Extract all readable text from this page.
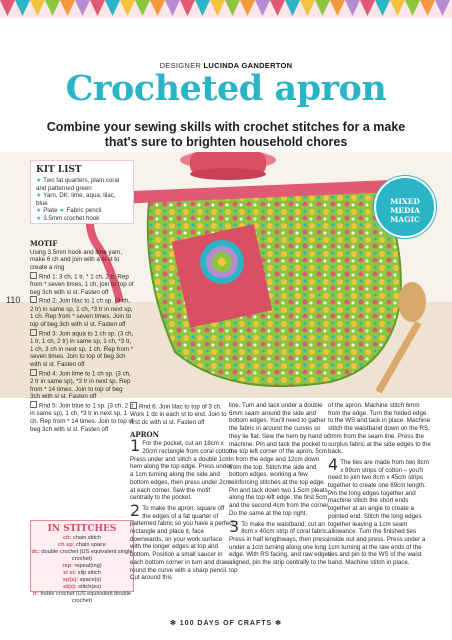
DESIGNER LUCINDA GANDERTON
Crocheted apron
Combine your sewing skills with crochet stitches for a make that's sure to brighten household chores
KIT LIST
★ Two fat quarters, plain coral and patterned green
★ Yarn, DK: lime, aqua, lilac, blue
★ Plate ★ Fabric pencil
★ 3.5mm crochet hook
MIXED MEDIA
MAGIC
110
MOTIF

Using 3.5mm hook and lime yarn, make 6 ch and join with a sl st to create a ring

Rnd 1: 3 ch, 1 tr, * 1 ch, 2 tr. Rep from * seven times, 1 ch, join to top of beg 3ch with sl st. Fasten off

Rnd 2: Join lilac to 1 ch sp. (3 ch, 2 tr) in same sp, 1 ch, *3 tr in next sp, 1 ch. Rep from * seven times. Join to top of beg 3ch with sl st. Fasten off

Rnd 3: Join aqua to 1 ch sp. (3 ch, 1 tr, 1 ch, 2 tr) in same sp, 1 ch, *3 tr, 1 ch, 3 ch in next sp, 1 ch. Rep from * seven times. Join to top of beg 3ch with sl st. Fasten off

Rnd 4: Join lime to 1 ch sp. (3 ch, 2 tr in same sp), *3 tr in next sp. Rep from * 14 times. Join to top of beg 3ch with sl st. Fasten off

Rnd 5: Join blue to 1 sp. (3 ch, 2 tr in same sp), 1 ch, *3 tr in next sp, 1 ch. Rep from * 14 times. Join to top of beg 3ch with sl st. Fasten off

IN STITCHES
ch: chain stitch
ch sp: chain space
dc: double crochet (US equivalent single crochet)
rep: repeat(ing)
sl st: slip stitch
sp(s): space(s)
st(s): stitch(es)
tr: treble crochet (US equivalent double crochet)

Rnd 6: Join lilac to top of 3 ch. Work 1 dc in each st to end. Join to first dc with sl st. Fasten off

APRON

1 For the pocket, cut an 18cm x 20cm rectangle from coral cotton. Press under and stitch a double 1cm hem along the top edge. Press under a 1cm turning along the side and bottom edges, then press under 2cm at each corner. Sew the motif centrally to the pocket.

2 To make the apron, square off the edges of a fat quarter of patterned fabric so you have a perfect rectangle and place it, face downwards, on your work surface with the longer edges at top and bottom. Position a small saucer in each bottom corner in turn and draw round the curve with a sharp pencil. Cut around this

line. Turn and tack under a double 6mm seam around the side and bottom edges. You'll need to gather the fabric in around the curves so they lie flat. Sew the hem by hand or machine. Pin and tack the pocket to the top left corner of the apron, 5cm in from the edge and 12cm down from the top. Stitch the side and bottom edges, working a few reinforcing stitches at the top edge. Pin and tack down two 1.5cm pleats along the top left edge, the first 5cm and the second 4cm from the corner. Do the same at the top right.

3 To make the waistband, cut an 8cm x 40cm strip of coral fabric. Press in half lengthways, then press under a 1cm turning along one long edge. With RS facing, and raw edges aligned, pin the strip centrally to the top

of the apron. Machine stitch 6mm from the edge. Turn the folded edge to the WS and tack in place. Machine stitch the waistband down on the RS, 3mm from the seam line. Press the surplus fabric at the side edges to the back.

4 The ties are made from two 8cm x 89cm strips of cotton – you'll need to join two 8cm x 45cm strips together to create one 89cm length. Pin the long edges together and machine stitch the short ends together at an angle to create a pointed end. Stitch the long edges together leaving a 1cm seam allowance. Turn the finished ties inside out and press. Press under a 1cm turning at the raw ends of the ties and pin to the WS of the waist band. Machine stitch in place.

✻ 100 DAYS OF CRAFTS ✻
